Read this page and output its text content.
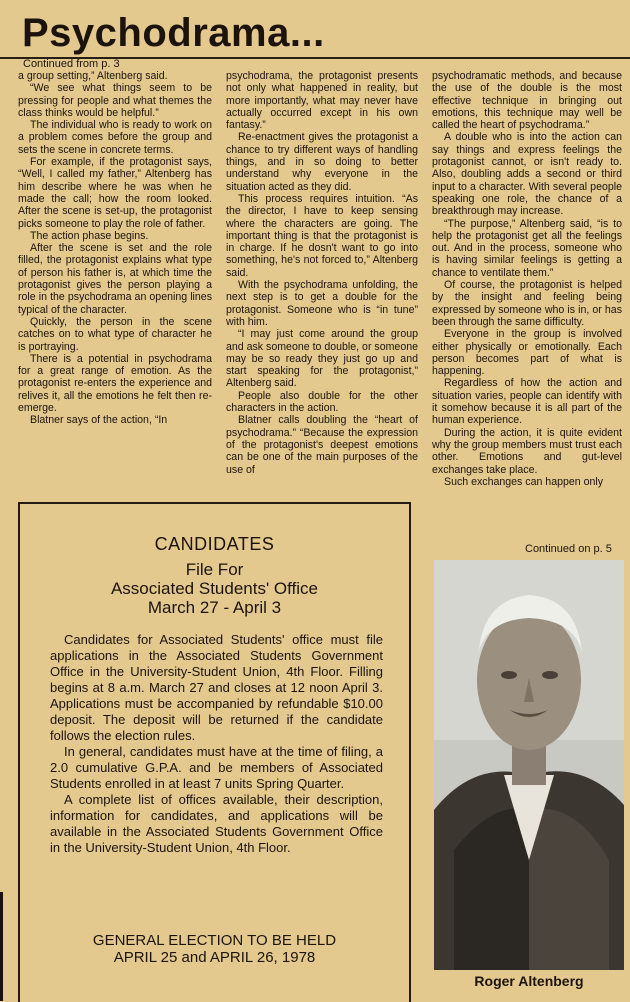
Psychodrama...
Continued from p. 3

a group setting,” Altenberg said.

“We see what things seem to be pressing for people and what themes the class thinks would be helpful.”

The individual who is ready to work on a problem comes before the group and sets the scene in concrete terms.

For example, if the protagonist says, “Well, I called my father,” Altenberg has him describe where he was when he made the call; how the room looked. After the scene is set-up, the protagonist picks someone to play the role of father.

The action phase begins.

After the scene is set and the role filled, the protagonist explains what type of person his father is, at which time the protagonist gives the person playing a role in the psychodrama an opening lines typical of the character.

Quickly, the person in the scene catches on to what type of character he is portraying.

There is a potential in psychodrama for a great range of emotion. As the protagonist re-enters the experience and relives it, all the emotions he felt then re-emerge.

Blatner says of the action, “In

psychodrama, the protagonist presents not only what happened in reality, but more importantly, what may never have actually occurred except in his own fantasy.”

Re-enactment gives the protagonist a chance to try different ways of handling things, and in so doing to better understand why everyone in the situation acted as they did.

This process requires intuition. “As the director, I have to keep sensing where the characters are going. The important thing is that the protagonist is in charge. If he dosn't want to go into something, he's not forced to,” Altenberg said.

With the psychodrama unfolding, the next step is to get a double for the protagonist. Someone who is “in tune” with him.

“I may just come around the group and ask someone to double, or someone may be so ready they just go up and start speaking for the protagonist,” Altenberg said.

People also double for the other characters in the action.

Blatner calls doubling the “heart of psychodrama.” “Because the expression of the protagonist's deepest emotions can be one of the main purposes of the use of

psychodramatic methods, and because the use of the double is the most effective technique in bringing out emotions, this technique may well be called the heart of psychodrama.”

A double who is into the action can say things and express feelings the protagonist cannot, or isn't ready to. Also, doubling adds a second or third input to a character. With several people speaking one role, the chance of a breakthrough may increase.

“The purpose,” Altenberg said, “is to help the protagonist get all the feelings out. And in the process, someone who is having similar feelings is getting a chance to ventilate them.”

Of course, the protagonist is helped by the insight and feeling being expressed by someone who is in, or has been through the same difficulty.

Everyone in the group is involved either physically or emotionally. Each person becomes part of what is happening.

Regardless of how the action and situation varies, people can identify with it somehow because it is all part of the human experience.

During the action, it is quite evident why the group members must trust each other. Emotions and gut-level exchanges take place.

Such exchanges can happen only

Continued on p. 5
CANDIDATES
File For
Associated Students' Office
March 27 - April 3

Candidates for Associated Students' office must file applications in the Associated Students Government Office in the University-Student Union, 4th Floor. Filling begins at 8 a.m. March 27 and closes at 12 noon April 3. Applications must be accompanied by refundable $10.00 deposit. The deposit will be returned if the candidate follows the election rules.

In general, candidates must have at the time of filing, a 2.0 cumulative G.P.A. and be members of Associated Students enrolled in at least 7 units Spring Quarter.

A complete list of offices available, their description, information for candidates, and applications will be available in the Associated Students Government Office in the University-Student Union, 4th Floor.

GENERAL ELECTION TO BE HELD
APRIL 25 and APRIL 26, 1978
Roger Altenberg
